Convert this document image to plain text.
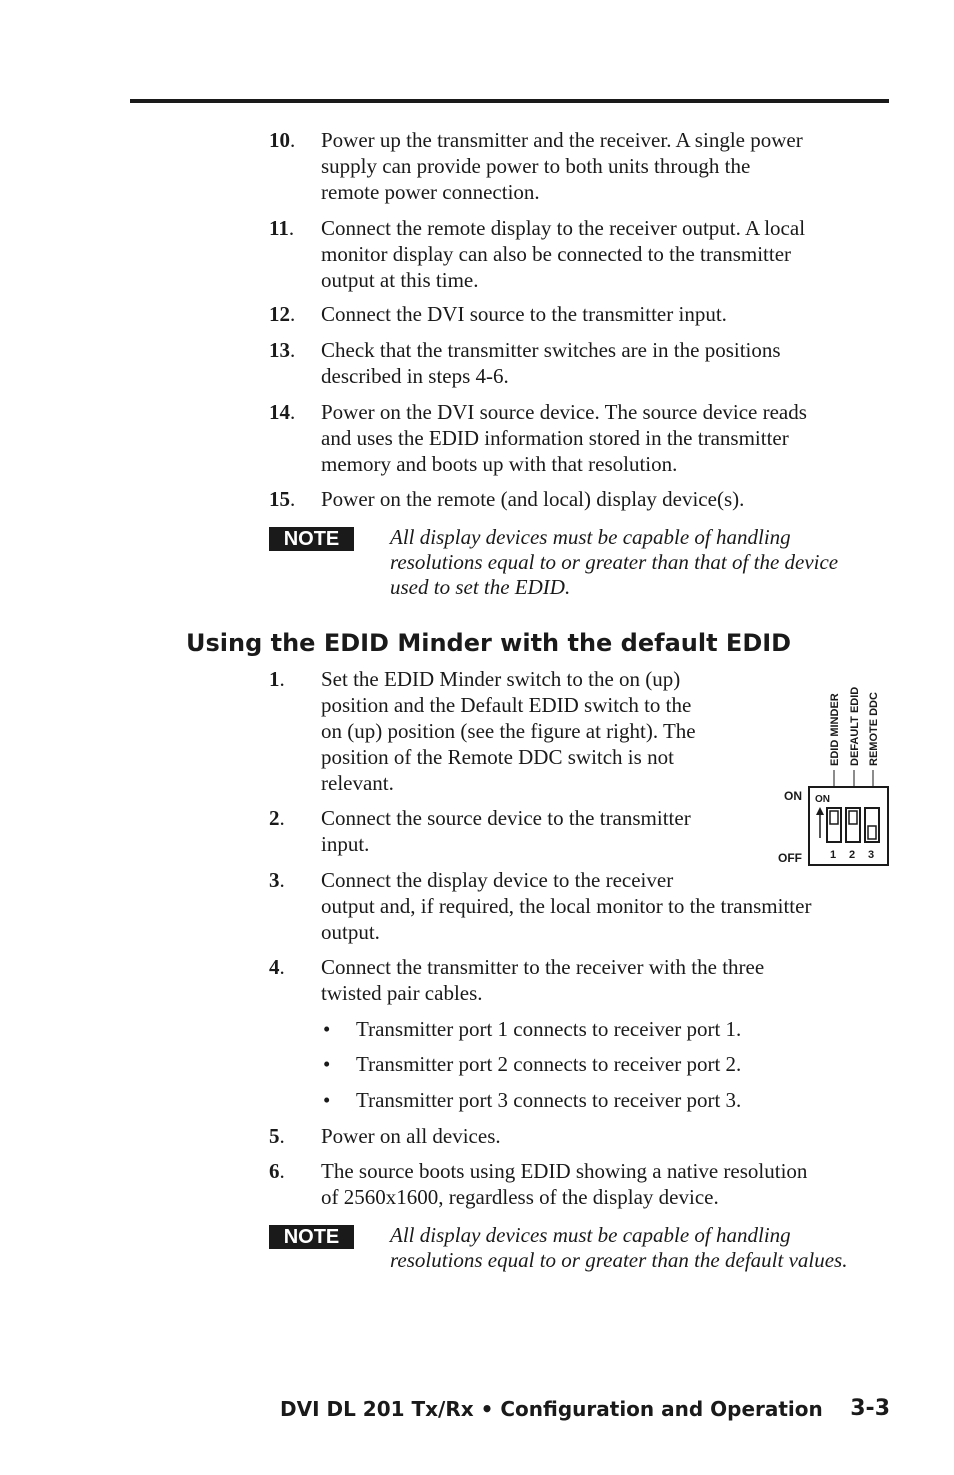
10. Power up the transmitter and the receiver. A single power
supply can provide power to both units through the
remote power connection.
11. Connect the remote display to the receiver output. A local
monitor display can also be connected to the transmitter
output at this time.
12. Connect the DVI source to the transmitter input.
13. Check that the transmitter switches are in the positions
described in steps 4-6.
14. Power on the DVI source device. The source device reads
and uses the EDID information stored in the transmitter
memory and boots up with that resolution.
15. Power on the remote (and local) display device(s).
NOTE	All display devices must be capable of handling
resolutions equal to or greater than that of the device
used to set the EDID.
Using the EDID Minder with the default EDID
1. Set the EDID Minder switch to the on (up)
position and the Default EDID switch to the
on (up) position (see the figure at right). The
position of the Remote DDC switch is not
relevant.
2. Connect the source device to the transmitter
input.
3. Connect the display device to the receiver
output and, if required, the local monitor to the transmitter
output.
4. Connect the transmitter to the receiver with the three
twisted pair cables.
• Transmitter port 1 connects to receiver port 1.
• Transmitter port 2 connects to receiver port 2.
• Transmitter port 3 connects to receiver port 3.
5. Power on all devices.
6. The source boots using EDID showing a native resolution
of 2560x1600, regardless of the display device.
NOTE	All display devices must be capable of handling
resolutions equal to or greater than the default values.
EDID MINDER DEFAULT EDID REMOTE DDC
ON
OFF
ON
1 2 3
DVI DL 201 Tx/Rx • Configuration and Operation 3-3
